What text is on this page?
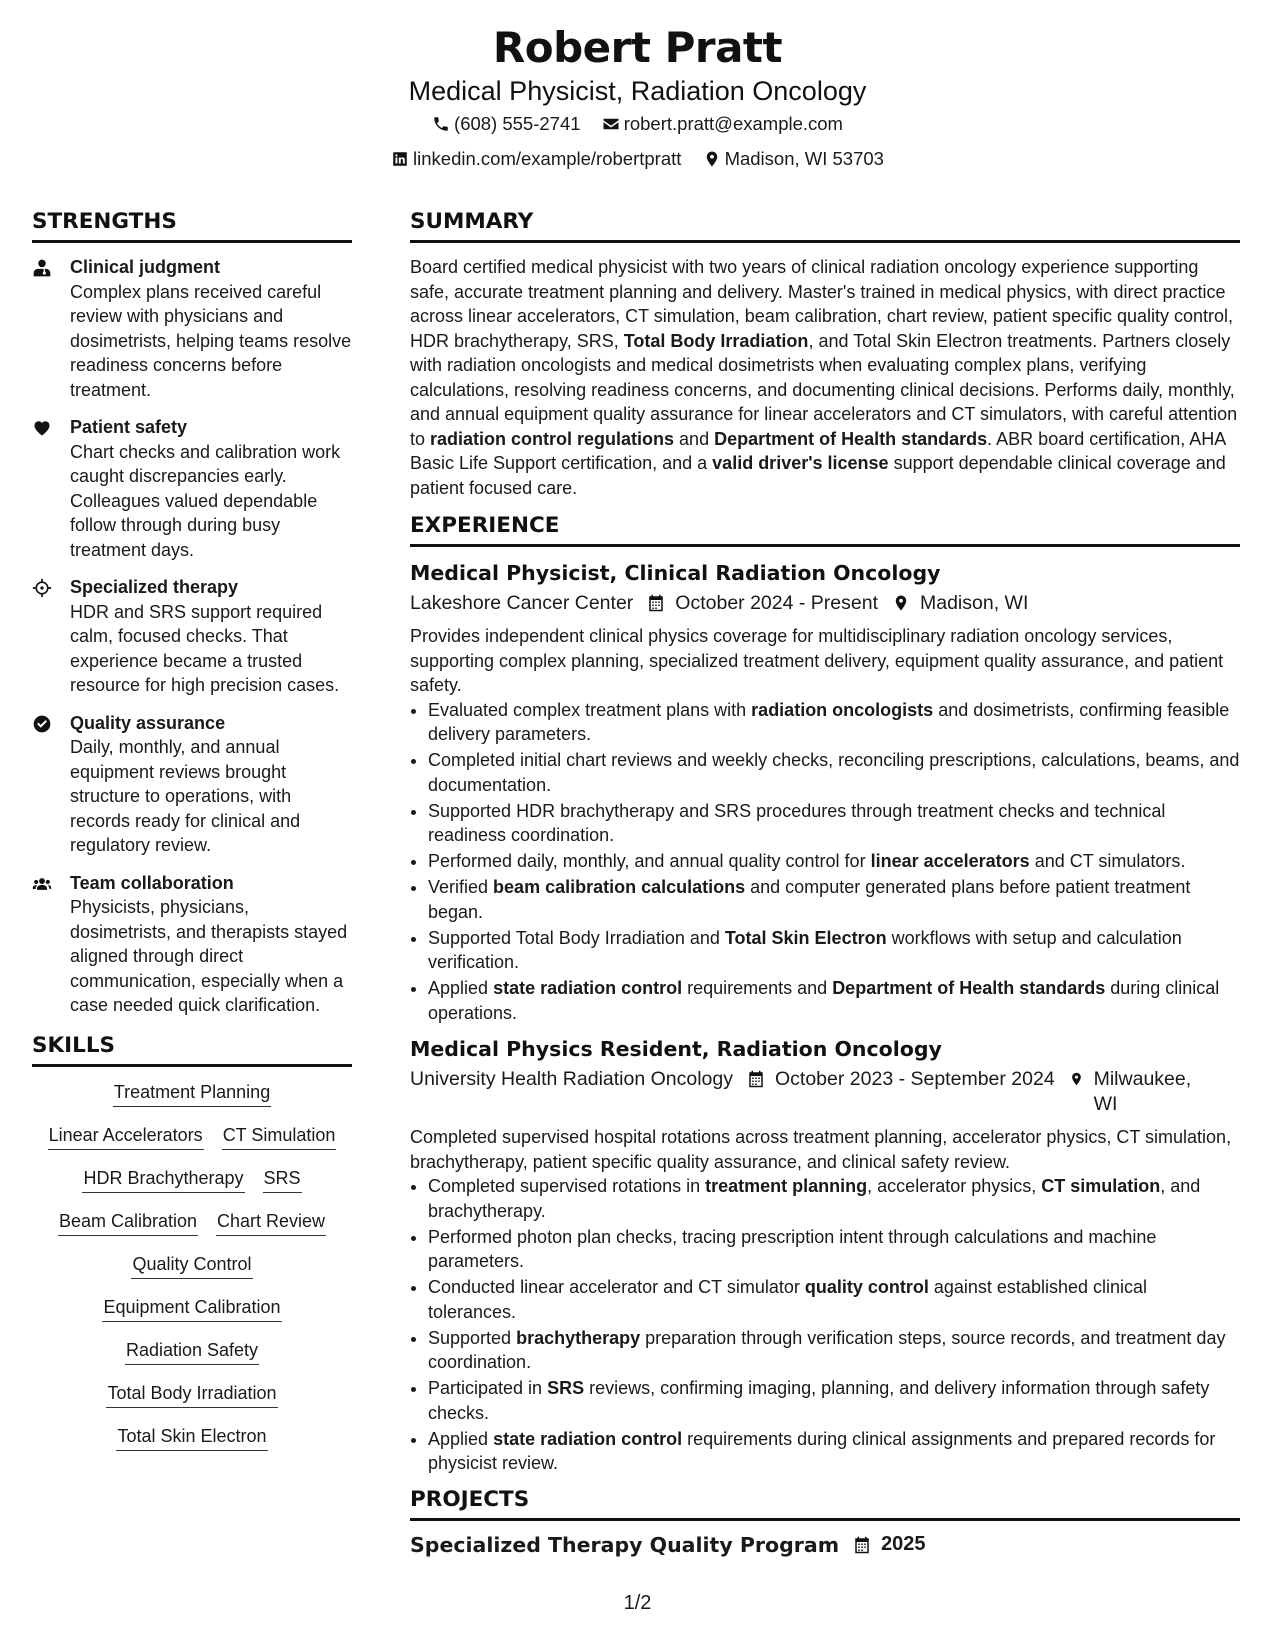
Robert Pratt
Medical Physicist, Radiation Oncology
(608) 555-2741
robert.pratt@example.com
linkedin.com/example/robertpratt
Madison, WI 53703
STRENGTHS
Clinical judgment
Complex plans received careful review with physicians and dosimetrists, helping teams resolve readiness concerns before treatment.
Patient safety
Chart checks and calibration work caught discrepancies early. Colleagues valued dependable follow through during busy treatment days.
Specialized therapy
HDR and SRS support required calm, focused checks. That experience became a trusted resource for high precision cases.
Quality assurance
Daily, monthly, and annual equipment reviews brought structure to operations, with records ready for clinical and regulatory review.
Team collaboration
Physicists, physicians, dosimetrists, and therapists stayed aligned through direct communication, especially when a case needed quick clarification.
SKILLS
Treatment Planning
Linear Accelerators CT Simulation
HDR Brachytherapy SRS
Beam Calibration Chart Review
Quality Control
Equipment Calibration
Radiation Safety
Total Body Irradiation
Total Skin Electron
SUMMARY
Board certified medical physicist with two years of clinical radiation oncology experience supporting safe, accurate treatment planning and delivery. Master's trained in medical physics, with direct practice across linear accelerators, CT simulation, beam calibration, chart review, patient specific quality control, HDR brachytherapy, SRS, Total Body Irradiation, and Total Skin Electron treatments. Partners closely with radiation oncologists and medical dosimetrists when evaluating complex plans, verifying calculations, resolving readiness concerns, and documenting clinical decisions. Performs daily, monthly, and annual equipment quality assurance for linear accelerators and CT simulators, with careful attention to radiation control regulations and Department of Health standards. ABR board certification, AHA Basic Life Support certification, and a valid driver's license support dependable clinical coverage and patient focused care.
EXPERIENCE
Medical Physicist, Clinical Radiation Oncology
Lakeshore Cancer Center October 2024 - Present Madison, WI
Provides independent clinical physics coverage for multidisciplinary radiation oncology services, supporting complex planning, specialized treatment delivery, equipment quality assurance, and patient safety.
• Evaluated complex treatment plans with radiation oncologists and dosimetrists, confirming feasible delivery parameters.
• Completed initial chart reviews and weekly checks, reconciling prescriptions, calculations, beams, and documentation.
• Supported HDR brachytherapy and SRS procedures through treatment checks and technical readiness coordination.
• Performed daily, monthly, and annual quality control for linear accelerators and CT simulators.
• Verified beam calibration calculations and computer generated plans before patient treatment began.
• Supported Total Body Irradiation and Total Skin Electron workflows with setup and calculation verification.
• Applied state radiation control requirements and Department of Health standards during clinical operations.
Medical Physics Resident, Radiation Oncology
University Health Radiation Oncology October 2023 - September 2024 Milwaukee, WI
Completed supervised hospital rotations across treatment planning, accelerator physics, CT simulation, brachytherapy, patient specific quality assurance, and clinical safety review.
• Completed supervised rotations in treatment planning, accelerator physics, CT simulation, and brachytherapy.
• Performed photon plan checks, tracing prescription intent through calculations and machine parameters.
• Conducted linear accelerator and CT simulator quality control against established clinical tolerances.
• Supported brachytherapy preparation through verification steps, source records, and treatment day coordination.
• Participated in SRS reviews, confirming imaging, planning, and delivery information through safety checks.
• Applied state radiation control requirements during clinical assignments and prepared records for physicist review.
PROJECTS
Specialized Therapy Quality Program 2025
1/2
